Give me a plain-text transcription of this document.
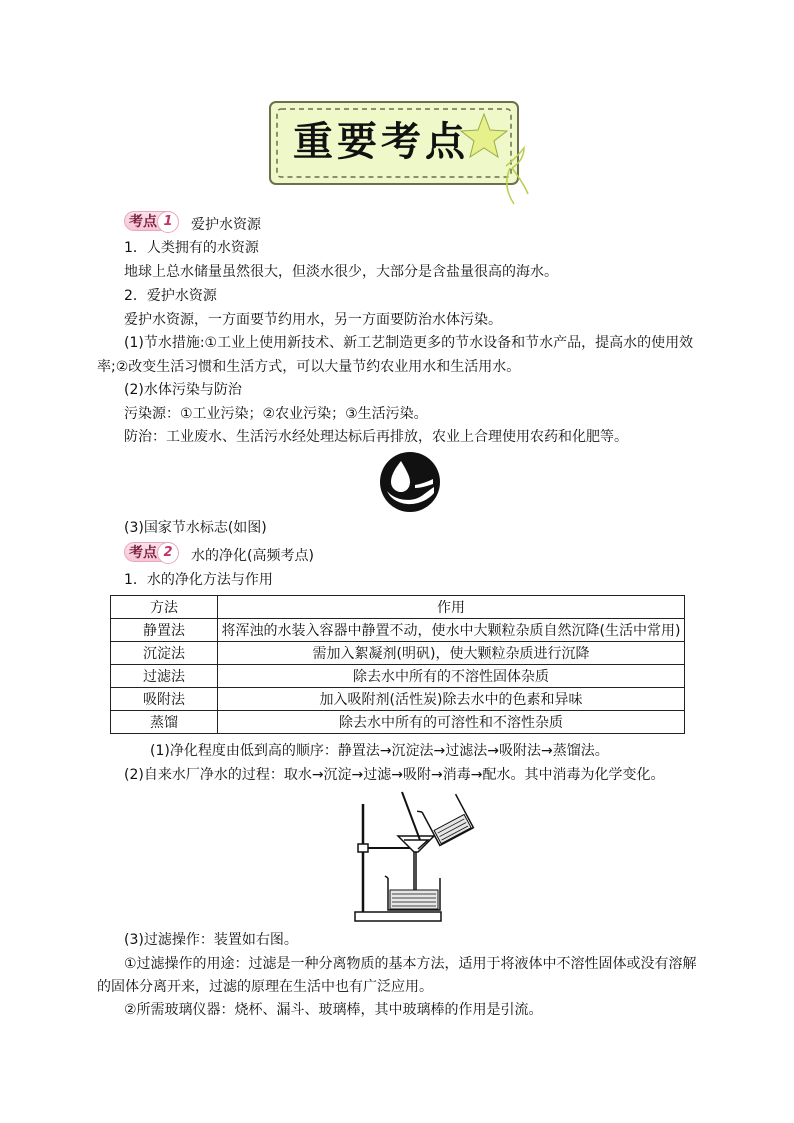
重要考点
考点 1	爱护水资源
1．人类拥有的水资源
地球上总水储量虽然很大，但淡水很少，大部分是含盐量很高的海水。
2．爱护水资源
爱护水资源，一方面要节约用水，另一方面要防治水体污染。
(1)节水措施:①工业上使用新技术、新工艺制造更多的节水设备和节水产品，提高水的使用效
率;②改变生活习惯和生活方式，可以大量节约农业用水和生活用水。
(2)水体污染与防治
污染源：①工业污染；②农业污染；③生活污染。
防治：工业废水、生活污水经处理达标后再排放，农业上合理使用农药和化肥等。
(3)国家节水标志(如图)
考点 2	水的净化(高频考点)
1．水的净化方法与作用
方法	作用
静置法	将浑浊的水装入容器中静置不动，使水中大颗粒杂质自然沉降(生活中常用)
沉淀法	需加入絮凝剂(明矾)，使大颗粒杂质进行沉降
过滤法	除去水中所有的不溶性固体杂质
吸附法	加入吸附剂(活性炭)除去水中的色素和异味
蒸馏	除去水中所有的可溶性和不溶性杂质
(1)净化程度由低到高的顺序：静置法→沉淀法→过滤法→吸附法→蒸馏法。
(2)自来水厂净水的过程：取水→沉淀→过滤→吸附→消毒→配水。其中消毒为化学变化。
(3)过滤操作：装置如右图。
①过滤操作的用途：过滤是一种分离物质的基本方法，适用于将液体中不溶性固体或没有溶解
的固体分离开来，过滤的原理在生活中也有广泛应用。
②所需玻璃仪器：烧杯、漏斗、玻璃棒，其中玻璃棒的作用是引流。
